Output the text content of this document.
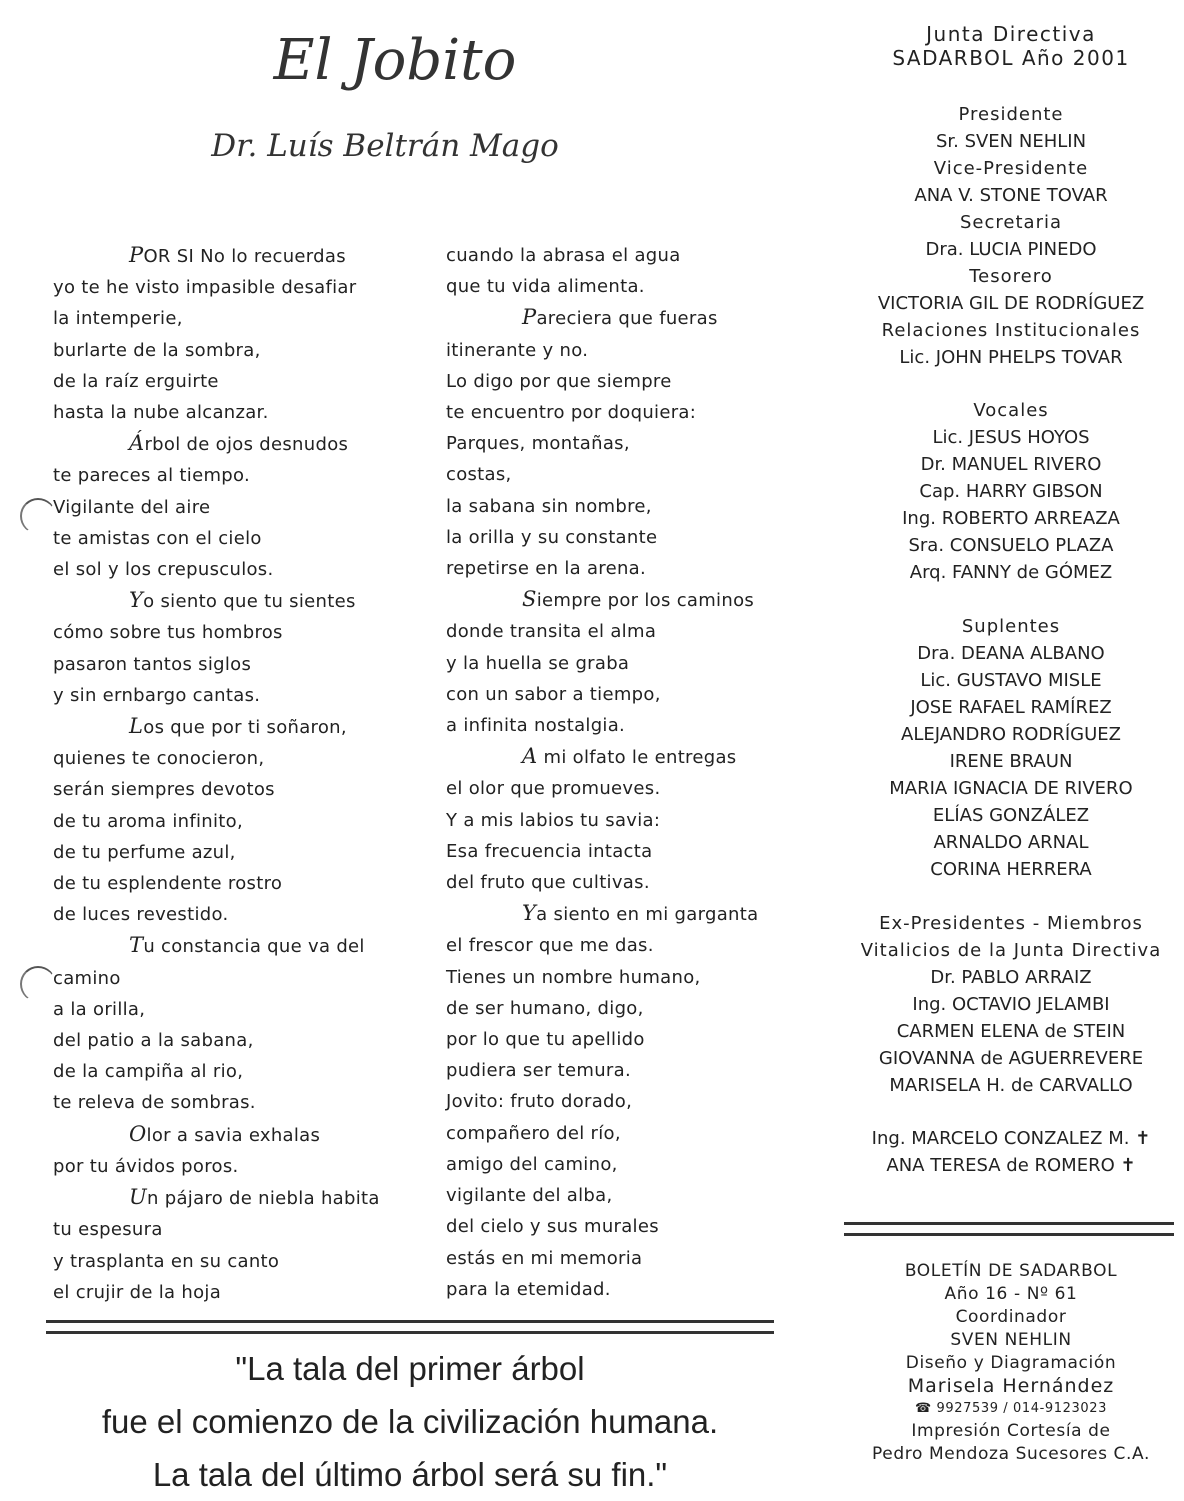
El Jobito
Dr. Luís Beltrán Mago
POR SI No lo recuerdas
yo te he visto impasible desafiar
la intemperie,
burlarte de la sombra,
de la raíz erguirte
hasta la nube alcanzar.
Árbol de ojos desnudos
te pareces al tiempo.
Vigilante del aire
te amistas con el cielo
el sol y los crepusculos.
Yo siento que tu sientes
cómo sobre tus hombros
pasaron tantos siglos
y sin ernbargo cantas.
Los que por ti soñaron,
quienes te conocieron,
serán siempres devotos
de tu aroma infinito,
de tu perfume azul,
de tu esplendente rostro
de luces revestido.
Tu constancia que va del
camino
a la orilla,
del patio a la sabana,
de la campiña al rio,
te releva de sombras.
Olor a savia exhalas
por tu ávidos poros.
Un pájaro de niebla habita
tu espesura
y trasplanta en su canto
el crujir de la hoja
cuando la abrasa el agua
que tu vida alimenta.
Pareciera que fueras
itinerante y no.
Lo digo por que siempre
te encuentro por doquiera:
Parques, montañas,
costas,
la sabana sin nombre,
la orilla y su constante
repetirse en la arena.
Siempre por los caminos
donde transita el alma
y la huella se graba
con un sabor a tiempo,
a infinita nostalgia.
A mi olfato le entregas
el olor que promueves.
Y a mis labios tu savia:
Esa frecuencia intacta
del fruto que cultivas.
Ya siento en mi garganta
el frescor que me das.
Tienes un nombre humano,
de ser humano, digo,
por lo que tu apellido
pudiera ser temura.
Jovito: fruto dorado,
compañero del río,
amigo del camino,
vigilante del alba,
del cielo y sus murales
estás en mi memoria
para la etemidad.
"La tala del primer árbol
fue el comienzo de la civilización humana.
La tala del último árbol será su fin."
Junta Directiva
SADARBOL Año 2001
Presidente
Sr. SVEN NEHLIN
Vice-Presidente
ANA V. STONE TOVAR
Secretaria
Dra. LUCIA PINEDO
Tesorero
VICTORIA GIL DE RODRÍGUEZ
Relaciones Institucionales
Lic. JOHN PHELPS TOVAR
Vocales
Lic. JESUS HOYOS
Dr. MANUEL RIVERO
Cap. HARRY GIBSON
Ing. ROBERTO ARREAZA
Sra. CONSUELO PLAZA
Arq. FANNY de GÓMEZ
Suplentes
Dra. DEANA ALBANO
Lic. GUSTAVO MISLE
JOSE RAFAEL RAMÍREZ
ALEJANDRO RODRÍGUEZ
IRENE BRAUN
MARIA IGNACIA DE RIVERO
ELÍAS GONZÁLEZ
ARNALDO ARNAL
CORINA HERRERA
Ex-Presidentes - Miembros
Vitalicios de la Junta Directiva
Dr. PABLO ARRAIZ
Ing. OCTAVIO JELAMBI
CARMEN ELENA de STEIN
GIOVANNA de AGUERREVERE
MARISELA H. de CARVALLO
Ing. MARCELO CONZALEZ M. ✝
ANA TERESA de ROMERO ✝
BOLETÍN DE SADARBOL
Año 16 - Nº 61
Coordinador
SVEN NEHLIN
Diseño y Diagramación
Marisela Hernández
☎ 9927539 / 014-9123023
Impresión Cortesía de
Pedro Mendoza Sucesores C.A.
